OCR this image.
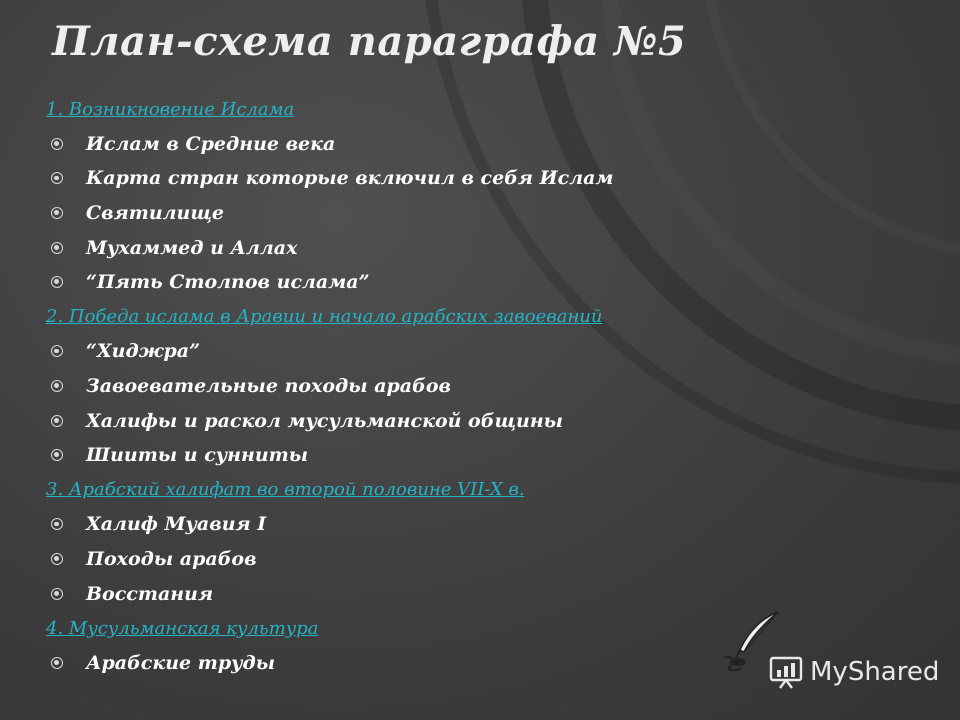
План-схема параграфа №5
1. Возникновение Ислама
Ислам в Средние века
Карта стран которые включил в себя Ислам
Святилище
Мухаммед и Аллах
“Пять Столпов ислама”
2. Победа ислама в Аравии и начало арабских завоеваний
“Хиджра”
Завоевательные походы арабов
Халифы и раскол мусульманской общины
Шииты и сунниты
3. Арабский халифат во второй половине VII-X в.
Халиф Муавия I
Походы арабов
Восстания
4. Мусульманская культура
Арабские труды	MyShared
